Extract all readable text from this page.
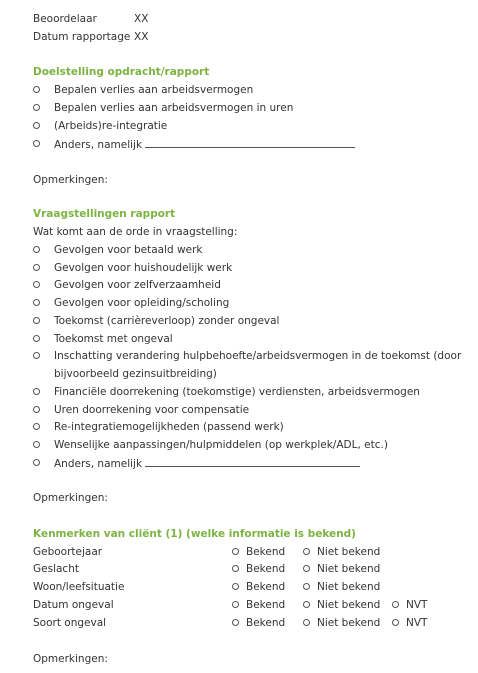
Beoordelaar	XX
Datum rapportage XX
Doelstelling opdracht/rapport
Bepalen verlies aan arbeidsvermogen
Bepalen verlies aan arbeidsvermogen in uren
(Arbeids)re-integratie
Anders, namelijk
Opmerkingen:
Vraagstellingen rapport
Wat komt aan de orde in vraagstelling:
Gevolgen voor betaald werk
Gevolgen voor huishoudelijk werk
Gevolgen voor zelfverzaamheid
Gevolgen voor opleiding/scholing
Toekomst (carrièreverloop) zonder ongeval
Toekomst met ongeval
Inschatting verandering hulpbehoefte/arbeidsvermogen in de toekomst (door
bijvoorbeeld gezinsuitbreiding)
Financiële doorrekening (toekomstige) verdiensten, arbeidsvermogen
Uren doorrekening voor compensatie
Re-integratiemogelijkheden (passend werk)
Wenselijke aanpassingen/hulpmiddelen (op werkplek/ADL, etc.)
Anders, namelijk
Opmerkingen:
Kenmerken van cliënt (1) (welke informatie is bekend)
Geboortejaar	Bekend	Niet bekend
Geslacht	Bekend	Niet bekend
Woon/leefsituatie	Bekend	Niet bekend
Datum ongeval	Bekend	Niet bekend	NVT
Soort ongeval	Bekend	Niet bekend	NVT
Opmerkingen:
